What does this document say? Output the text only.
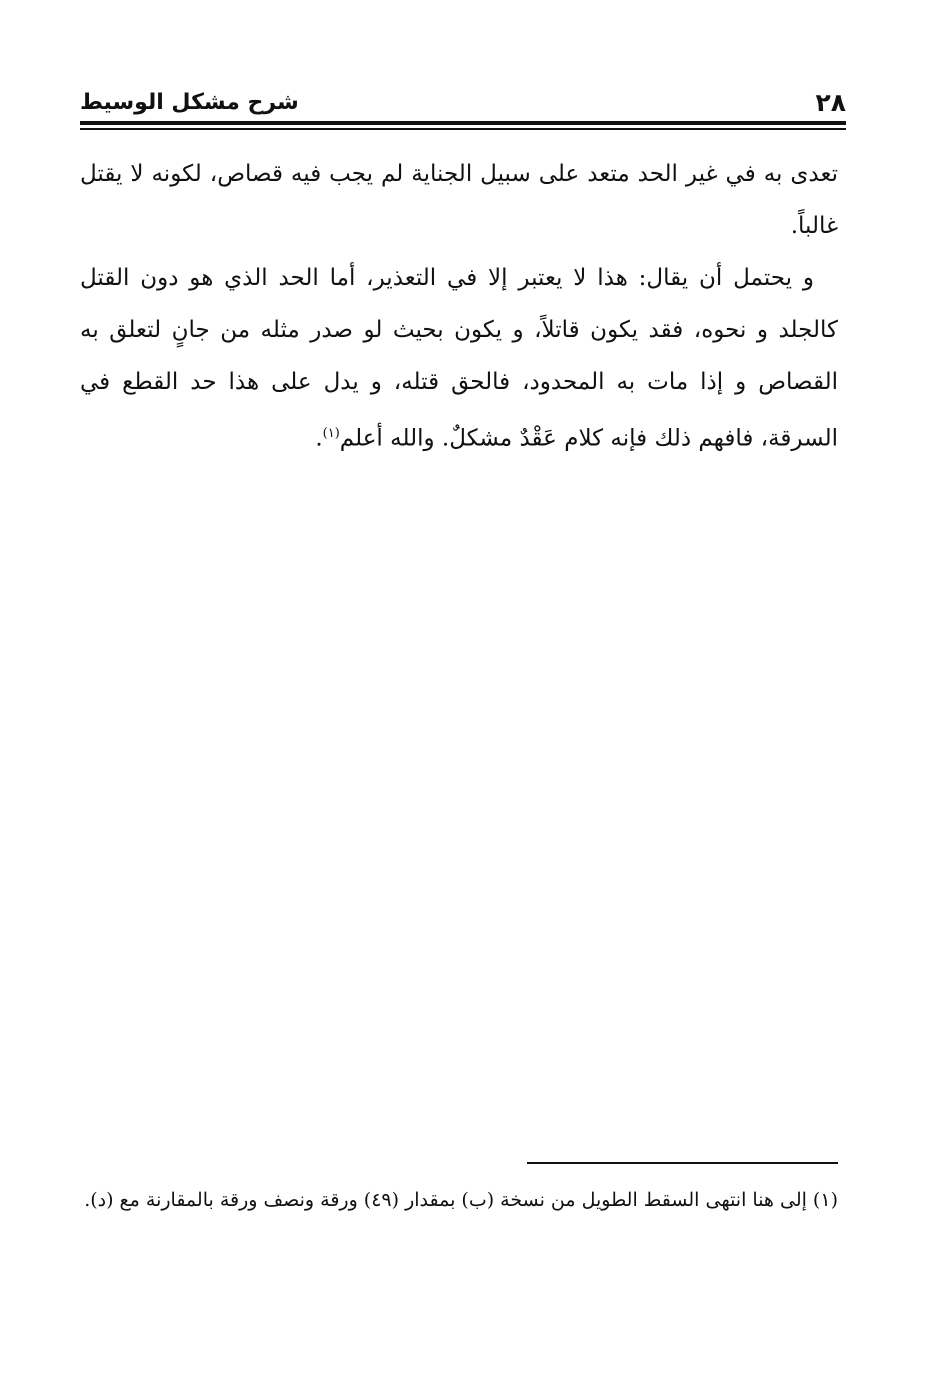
٢٨
شرح مشكل الوسيط

تعدى به في غير الحد متعد على سبيل الجناية لم يجب فيه قصاص، لكونه لا يقتل غالباً.

و يحتمل أن يقال: هذا لا يعتبر إلا في التعذير، أما الحد الذي هو دون القتل كالجلد و نحوه، فقد يكون قاتلاً، و يكون بحيث لو صدر مثله من جانٍ لتعلق به القصاص و إذا مات به المحدود، فالحق قتله، و يدل على هذا حد القطع في السرقة، فافهم ذلك فإنه كلام عَقْدٌ مشكلٌ. والله أعلم$^{(١)}$.

(١) إلى هنا انتهى السقط الطويل من نسخة (ب) بمقدار (٤٩) ورقة ونصف ورقة بالمقارنة مع (د).
